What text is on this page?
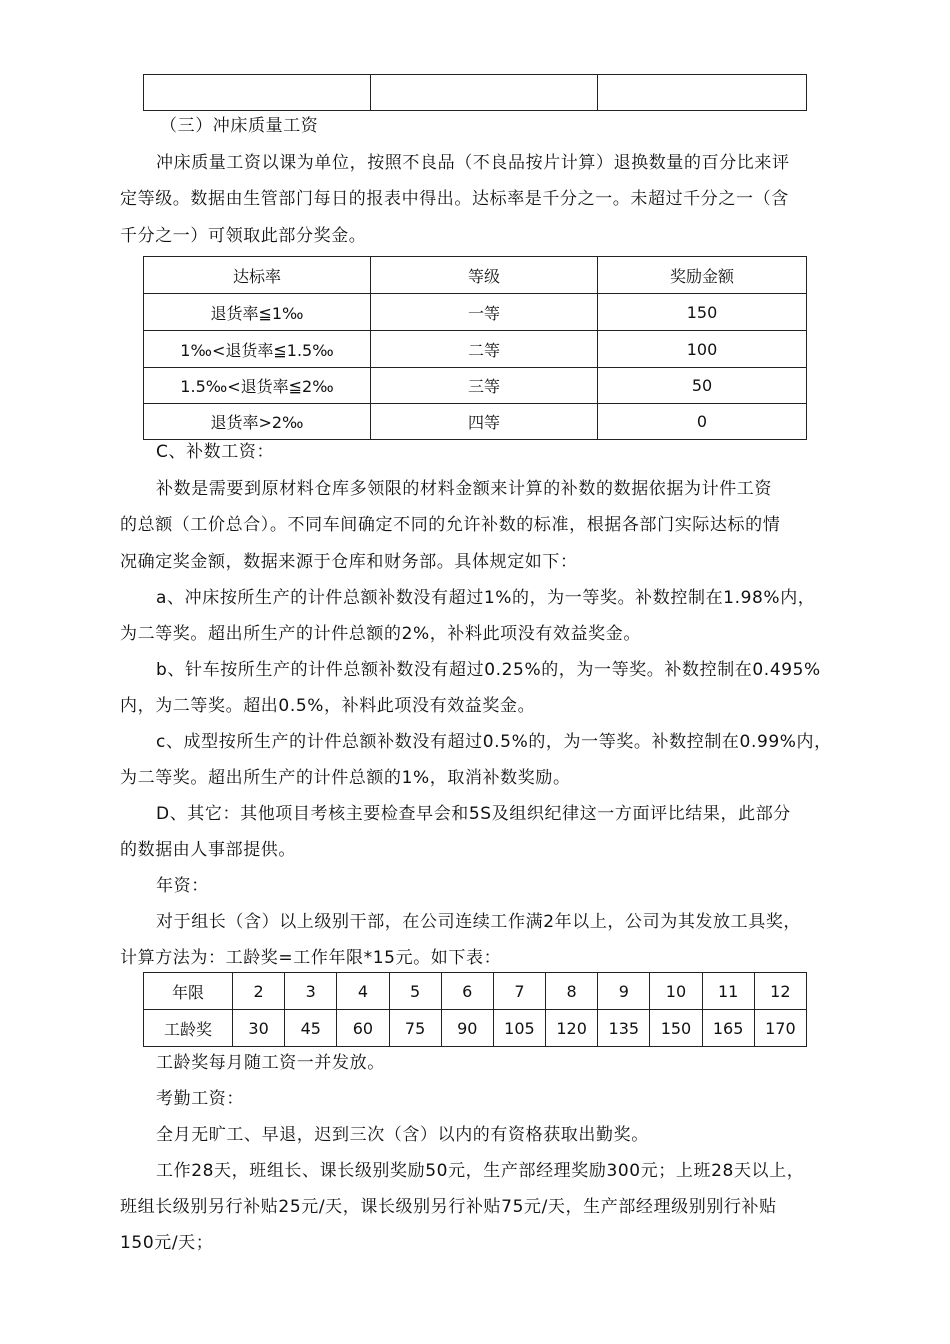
（三）冲床质量工资
冲床质量工资以课为单位，按照不良品（不良品按片计算）退换数量的百分比来评
定等级。数据由生管部门每日的报表中得出。达标率是千分之一。未超过千分之一（含
千分之一）可领取此部分奖金。
达标率	等级	奖励金额
退货率≦1‰	一等	150
1‰<退货率≦1.5‰	二等	100
1.5‰<退货率≦2‰	三等	50
退货率>2‰	四等	0
C、补数工资：
补数是需要到原材料仓库多领限的材料金额来计算的补数的数据依据为计件工资
的总额（工价总合）。不同车间确定不同的允许补数的标准，根据各部门实际达标的情
况确定奖金额，数据来源于仓库和财务部。具体规定如下：
a、冲床按所生产的计件总额补数没有超过1%的，为一等奖。补数控制在1.98%内，
为二等奖。超出所生产的计件总额的2%，补料此项没有效益奖金。
b、针车按所生产的计件总额补数没有超过0.25%的，为一等奖。补数控制在0.495%
内，为二等奖。超出0.5%，补料此项没有效益奖金。
c、成型按所生产的计件总额补数没有超过0.5%的，为一等奖。补数控制在0.99%内，
为二等奖。超出所生产的计件总额的1%，取消补数奖励。
D、其它：其他项目考核主要检查早会和5S及组织纪律这一方面评比结果，此部分
的数据由人事部提供。
年资：
对于组长（含）以上级别干部，在公司连续工作满2年以上，公司为其发放工具奖，
计算方法为：工龄奖=工作年限*15元。如下表：
年限	2	3	4	5	6	7	8	9	10	11	12
工龄奖	30	45	60	75	90	105	120	135	150	165	170
工龄奖每月随工资一并发放。
考勤工资：
全月无旷工、早退，迟到三次（含）以内的有资格获取出勤奖。
工作28天，班组长、课长级别奖励50元，生产部经理奖励300元；上班28天以上，
班组长级别另行补贴25元/天，课长级别另行补贴75元/天，生产部经理级别别行补贴
150元/天；
